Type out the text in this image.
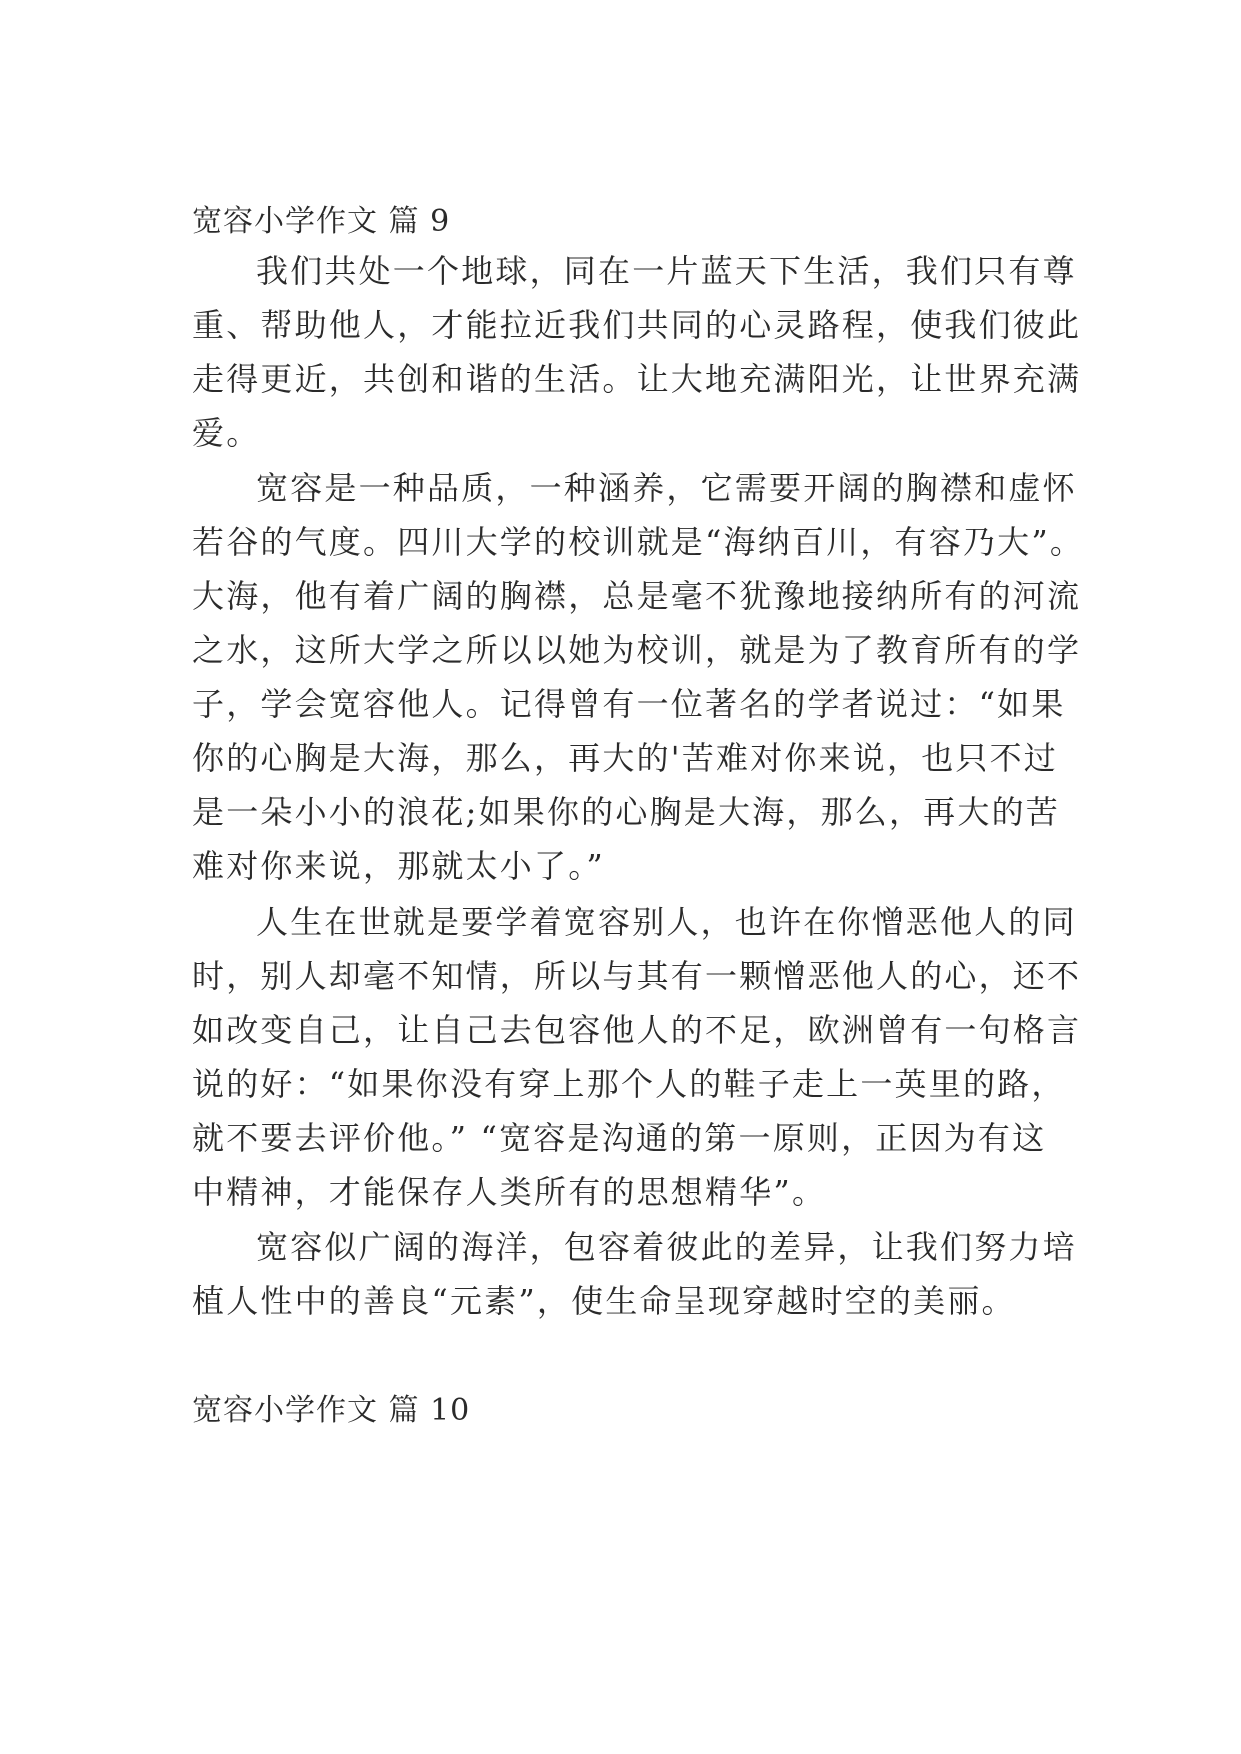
宽容小学作文 篇 9
我们共处一个地球，同在一片蓝天下生活，我们只有尊
重、帮助他人，才能拉近我们共同的心灵路程，使我们彼此
走得更近，共创和谐的生活。让大地充满阳光，让世界充满
爱。
宽容是一种品质，一种涵养，它需要开阔的胸襟和虚怀
若谷的气度。四川大学的校训就是“海纳百川，有容乃大”。
大海，他有着广阔的胸襟，总是毫不犹豫地接纳所有的河流
之水，这所大学之所以以她为校训，就是为了教育所有的学
子，学会宽容他人。记得曾有一位著名的学者说过：“如果
你的心胸是大海，那么，再大的'苦难对你来说，也只不过
是一朵小小的浪花;如果你的心胸是大海，那么，再大的苦
难对你来说，那就太小了。”
人生在世就是要学着宽容别人，也许在你憎恶他人的同
时，别人却毫不知情，所以与其有一颗憎恶他人的心，还不
如改变自己，让自己去包容他人的不足，欧洲曾有一句格言
说的好：“如果你没有穿上那个人的鞋子走上一英里的路，
就不要去评价他。” “宽容是沟通的第一原则，正因为有这
中精神，才能保存人类所有的思想精华”。
宽容似广阔的海洋，包容着彼此的差异，让我们努力培
植人性中的善良“元素”，使生命呈现穿越时空的美丽。
宽容小学作文 篇 10
